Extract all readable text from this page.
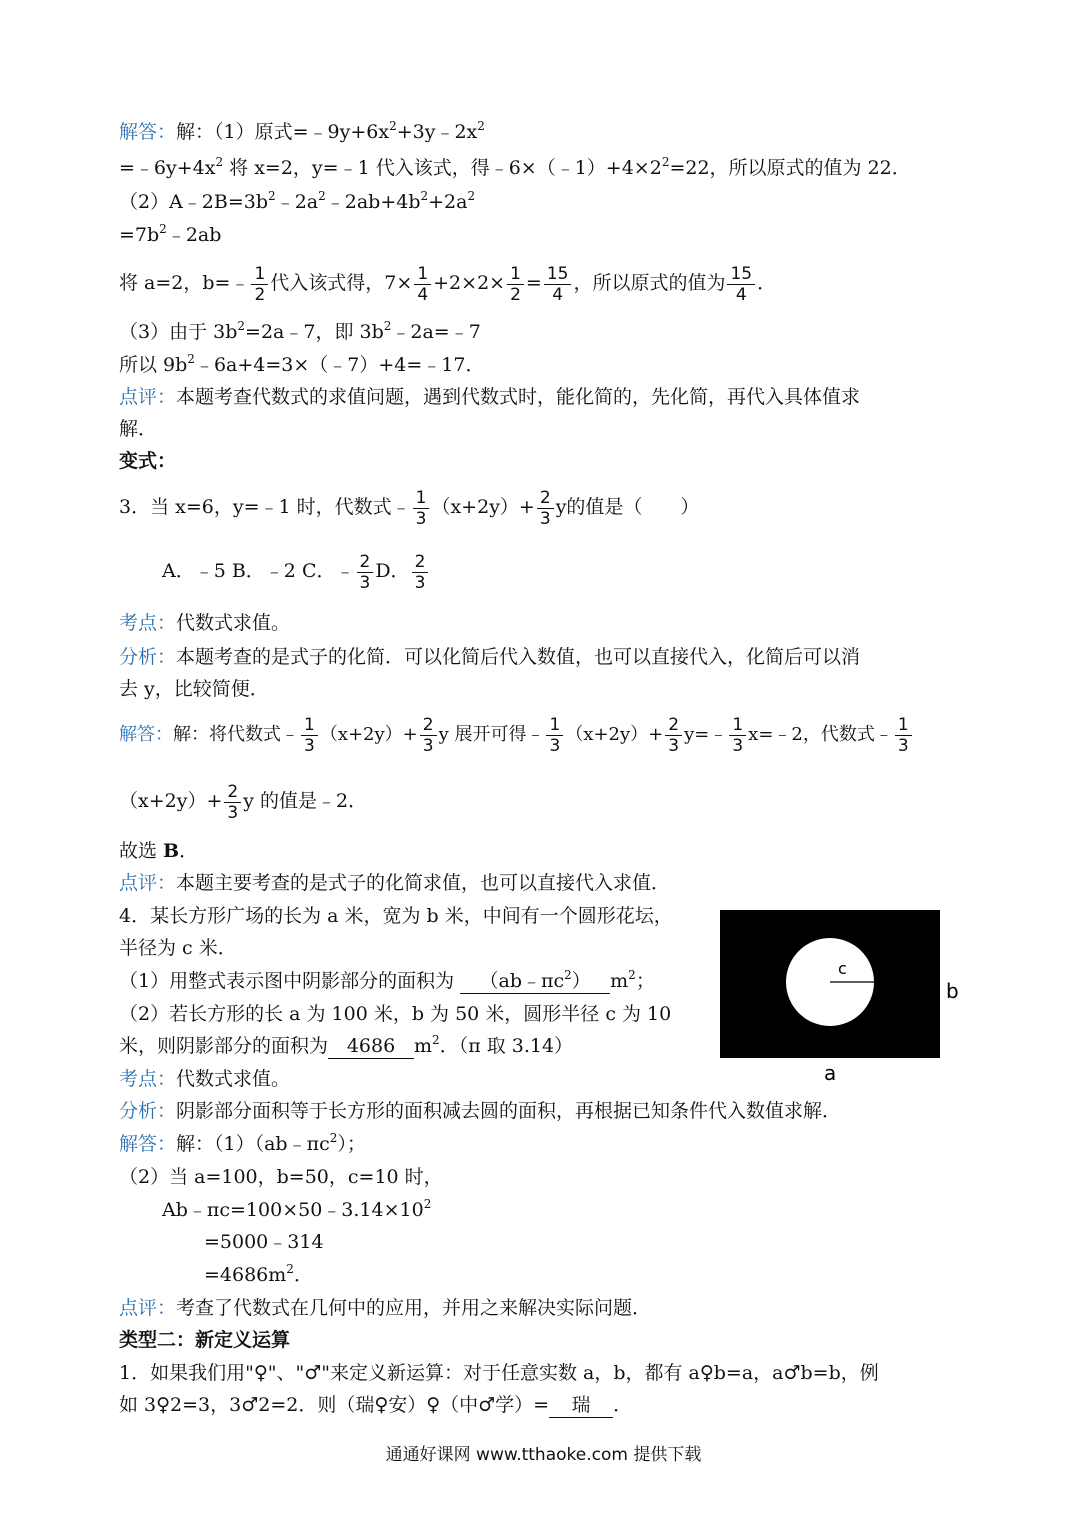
解答：解：（1）原式$=﹣9y+6x^2+3y﹣2x^2$
$=﹣6y+4x^2$ 将 x=2，y=﹣1 代入该式，得$﹣6\times(﹣1)+4\times 2^2=22$，所以原式的值为 22．
$(2)A﹣2B=3b^2﹣2a^2﹣2ab+4b^2+2a^2$
$=7b^2﹣2ab$
将 a=2，b=﹣ $\frac{1}{2}$ 代入该式得，$7\times \frac{1}{4} +2\times 2\times \frac{1}{2} = \frac{15}{4}$ ，所以原式的值为 $\frac{15}{4}$ ．
（3）由于 $3b^2=2a﹣7$，即 $3b^2﹣2a=﹣7$
所以 $9b^2﹣6a+4=3\times(﹣7)+4=﹣17$．
点评：本题考查代数式的求值问题，遇到代数式时，能化简的，先化简，再代入具体值求
解．
变式：
3．当 x=6，y=﹣1 时，代数式﹣ $\frac{1}{3} (x+2y)+ \frac{2}{3}$ y的值是（　　）
A．﹣5 B．﹣2 C．﹣ $\frac{2}{3}$ D． $\frac{2}{3}$
考点：代数式求值。
分析：本题考查的是式子的化简．可以化简后代入数值，也可以直接代入，化简后可以消
去 y，比较简便．
解答：解：将代数式﹣ $\frac{1}{3} (x+2y)+ \frac{2}{3}$ y 展开可得﹣ $\frac{1}{3} (x+2y)+ \frac{2}{3}$ y=﹣ $\frac{1}{3}$ x=﹣2，代数式﹣ $\frac{1}{3}$
$(x+2y)+ \frac{2}{3}$ y 的值是﹣2．
故选 B．
点评：本题主要考查的是式子的化简求值，也可以直接代入求值．
4．某长方形广场的长为 a 米，宽为 b 米，中间有一个圆形花坛，
半径为 c 米．
（1）用整式表示图中阴影部分的面积为 $(ab﹣\pi c^2)$ $m^2$；
（2）若长方形的长 a 为 100 米，b 为 50 米，圆形半径 c 为 10
米，则阴影部分的面积为 4686 $m^2$．（π 取 3.14）
c
b
a
考点：代数式求值。
分析：阴影部分面积等于长方形的面积减去圆的面积，再根据已知条件代入数值求解．
解答：解：$(1)(ab﹣\pi c^2)$；
（2）当 a=100，b=50，c=10 时，
$Ab﹣\pi c=100\times 50﹣3.14\times 10^2$
=5000﹣314
$=4686m^2$．
点评：考查了代数式在几何中的应用，并用之来解决实际问题．
类型二：新定义运算
1．如果我们用"♀"、"♂"来定义新运算：对于任意实数 a，b，都有 a♀b=a，a♂b=b，例
如 3♀2=3，3♂2=2．则（瑞♀安）♀（中♂学）= 瑞 ．
通通好课网 www.tthaoke.com 提供下载
